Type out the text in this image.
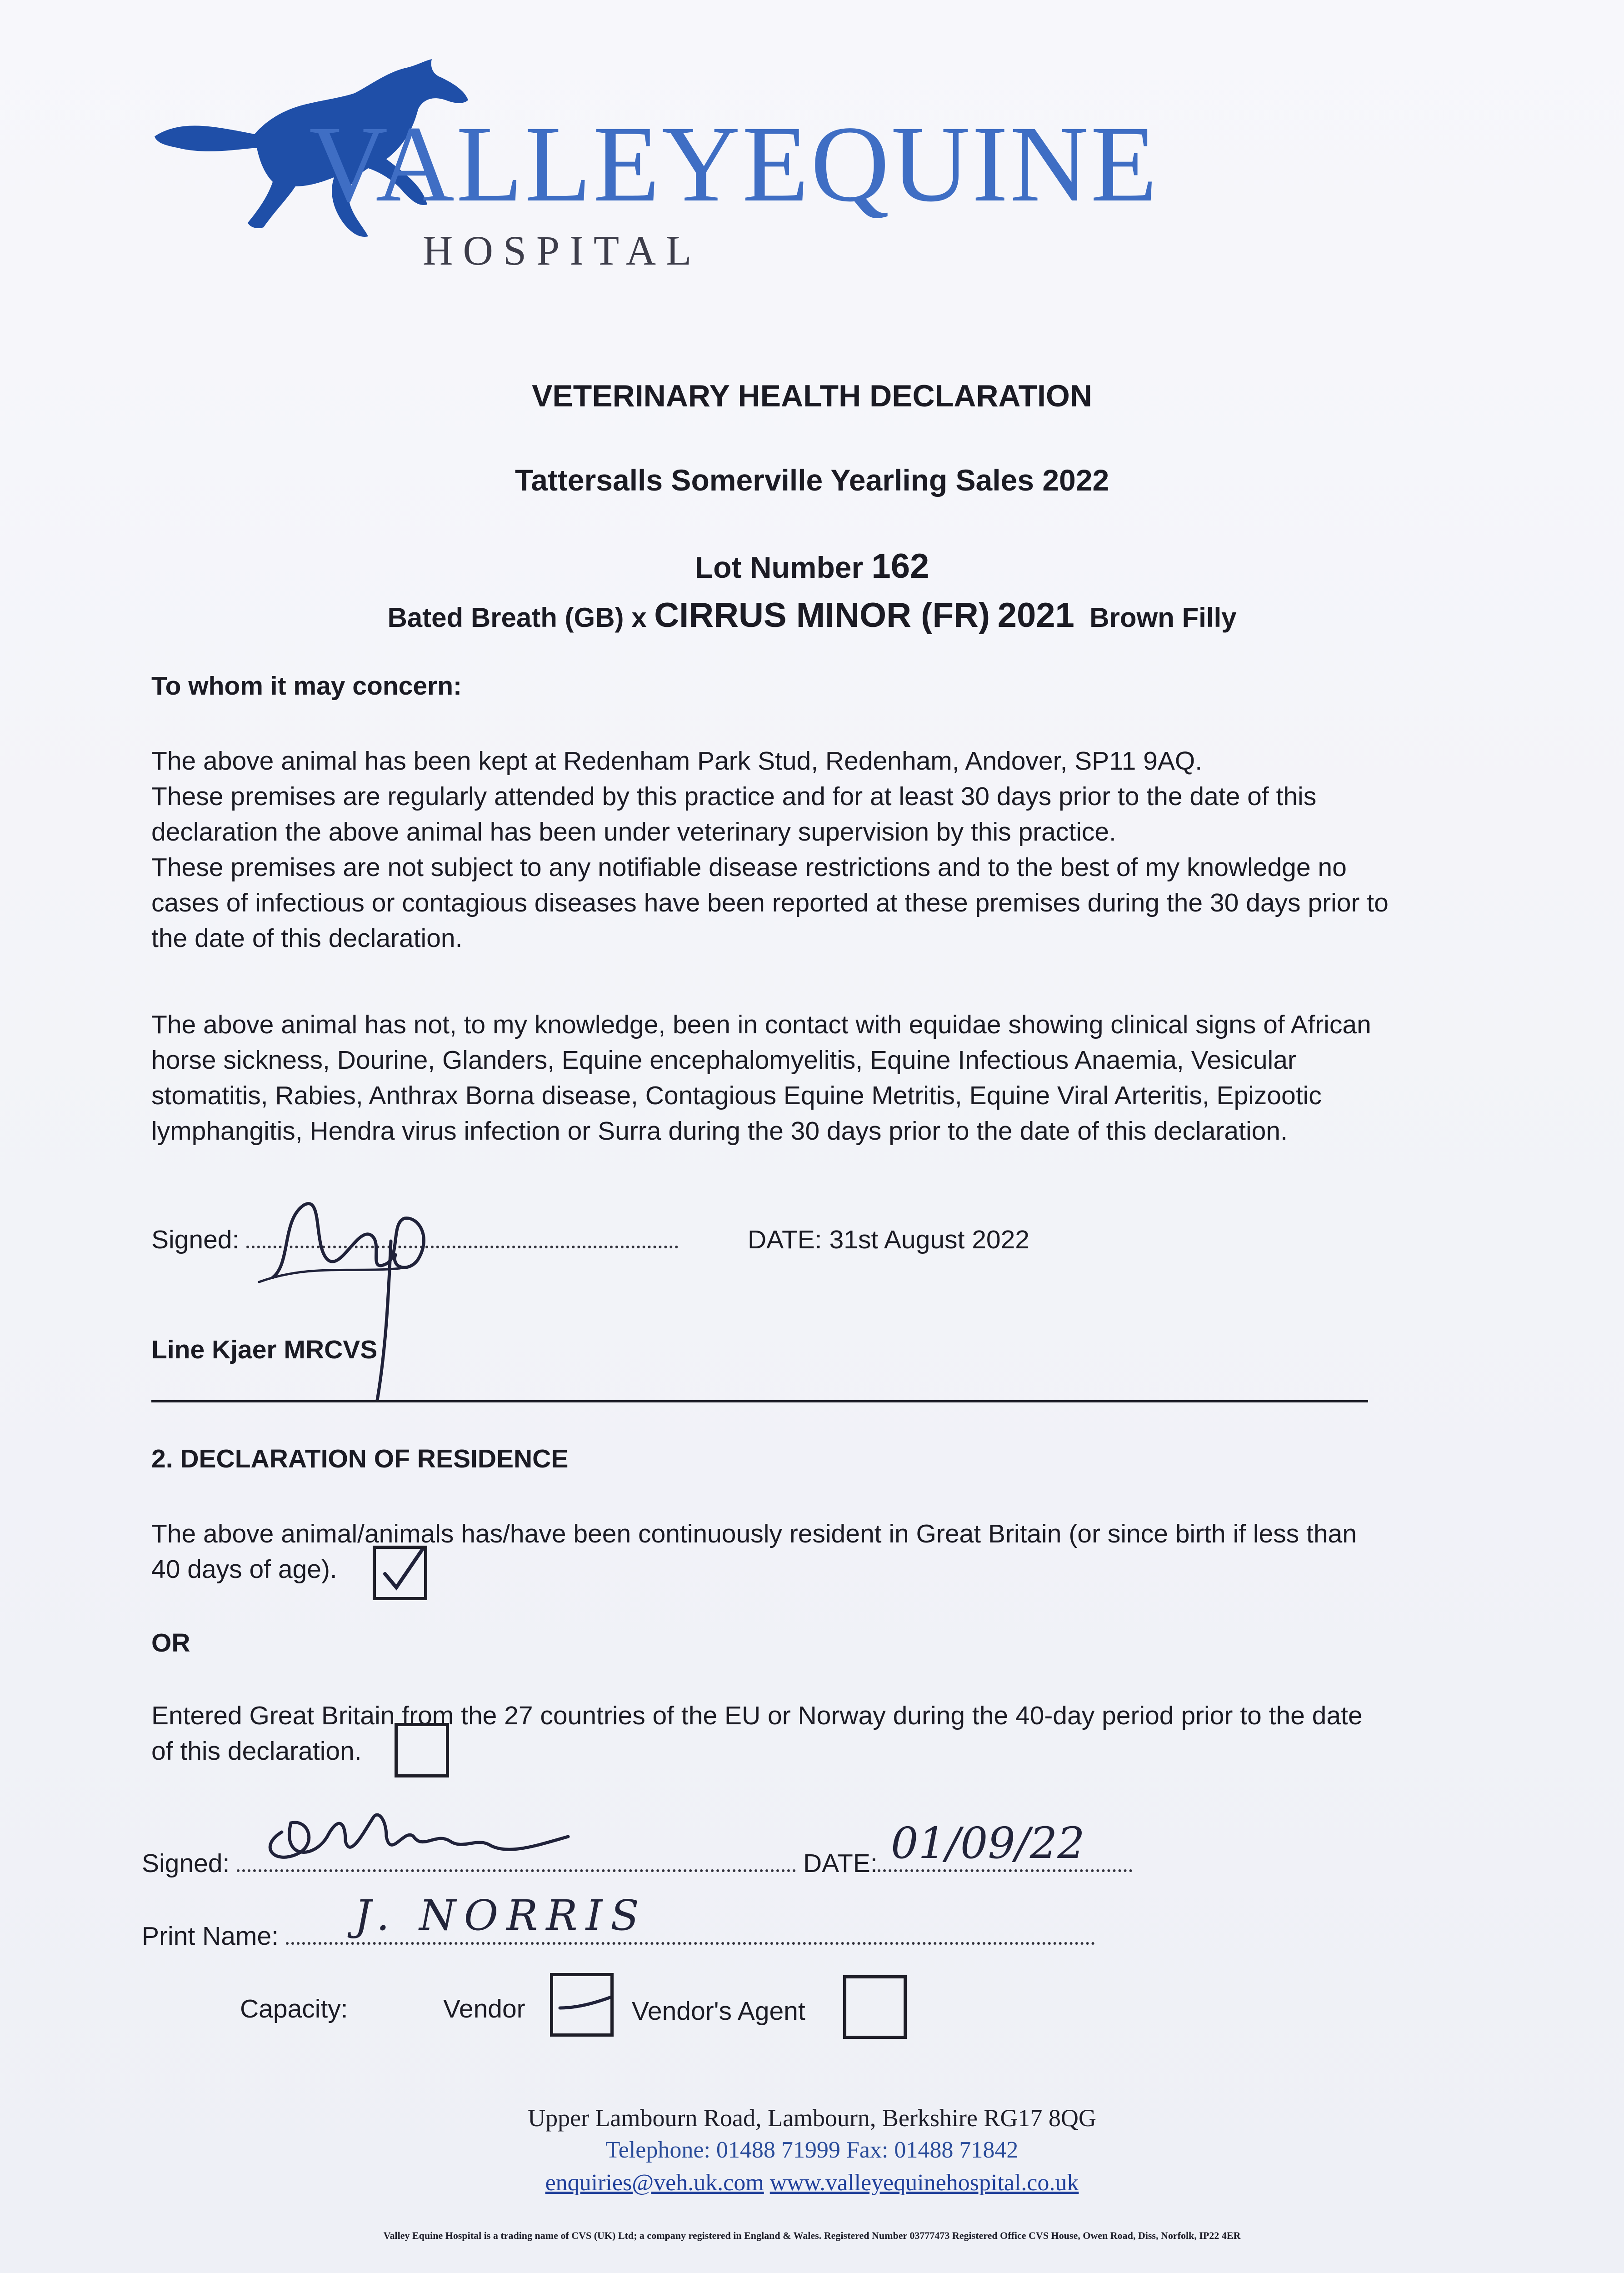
VALLEYEQUINE
HOSPITAL
VETERINARY HEALTH DECLARATION
Tattersalls Somerville Yearling Sales 2022
Lot Number 162
Bated Breath (GB) x CIRRUS MINOR (FR) 2021 Brown Filly
To whom it may concern:
The above animal has been kept at Redenham Park Stud, Redenham, Andover, SP11 9AQ.
These premises are regularly attended by this practice and for at least 30 days prior to the date of this
declaration the above animal has been under veterinary supervision by this practice.
These premises are not subject to any notifiable disease restrictions and to the best of my knowledge no
cases of infectious or contagious diseases have been reported at these premises during the 30 days prior to
the date of this declaration.
The above animal has not, to my knowledge, been in contact with equidae showing clinical signs of African
horse sickness, Dourine, Glanders, Equine encephalomyelitis, Equine Infectious Anaemia, Vesicular
stomatitis, Rabies, Anthrax Borna disease, Contagious Equine Metritis, Equine Viral Arteritis, Epizootic
lymphangitis, Hendra virus infection or Surra during the 30 days prior to the date of this declaration.
Signed:	DATE: 31st August 2022
Line Kjaer MRCVS
2. DECLARATION OF RESIDENCE
The above animal/animals has/have been continuously resident in Great Britain (or since birth if less than
40 days of age).
OR
Entered Great Britain from the 27 countries of the EU or Norway during the 40-day period prior to the date
of this declaration.
Signed:	DATE: 01/09/22
Print Name:	J. NORRIS
Capacity:	Vendor	Vendor's Agent
Upper Lambourn Road, Lambourn, Berkshire RG17 8QG
Telephone: 01488 71999 Fax: 01488 71842
enquiries@veh.uk.com www.valleyequinehospital.co.uk
Valley Equine Hospital is a trading name of CVS (UK) Ltd; a company registered in England & Wales. Registered Number 03777473 Registered Office CVS House, Owen Road, Diss, Norfolk, IP22 4ER
